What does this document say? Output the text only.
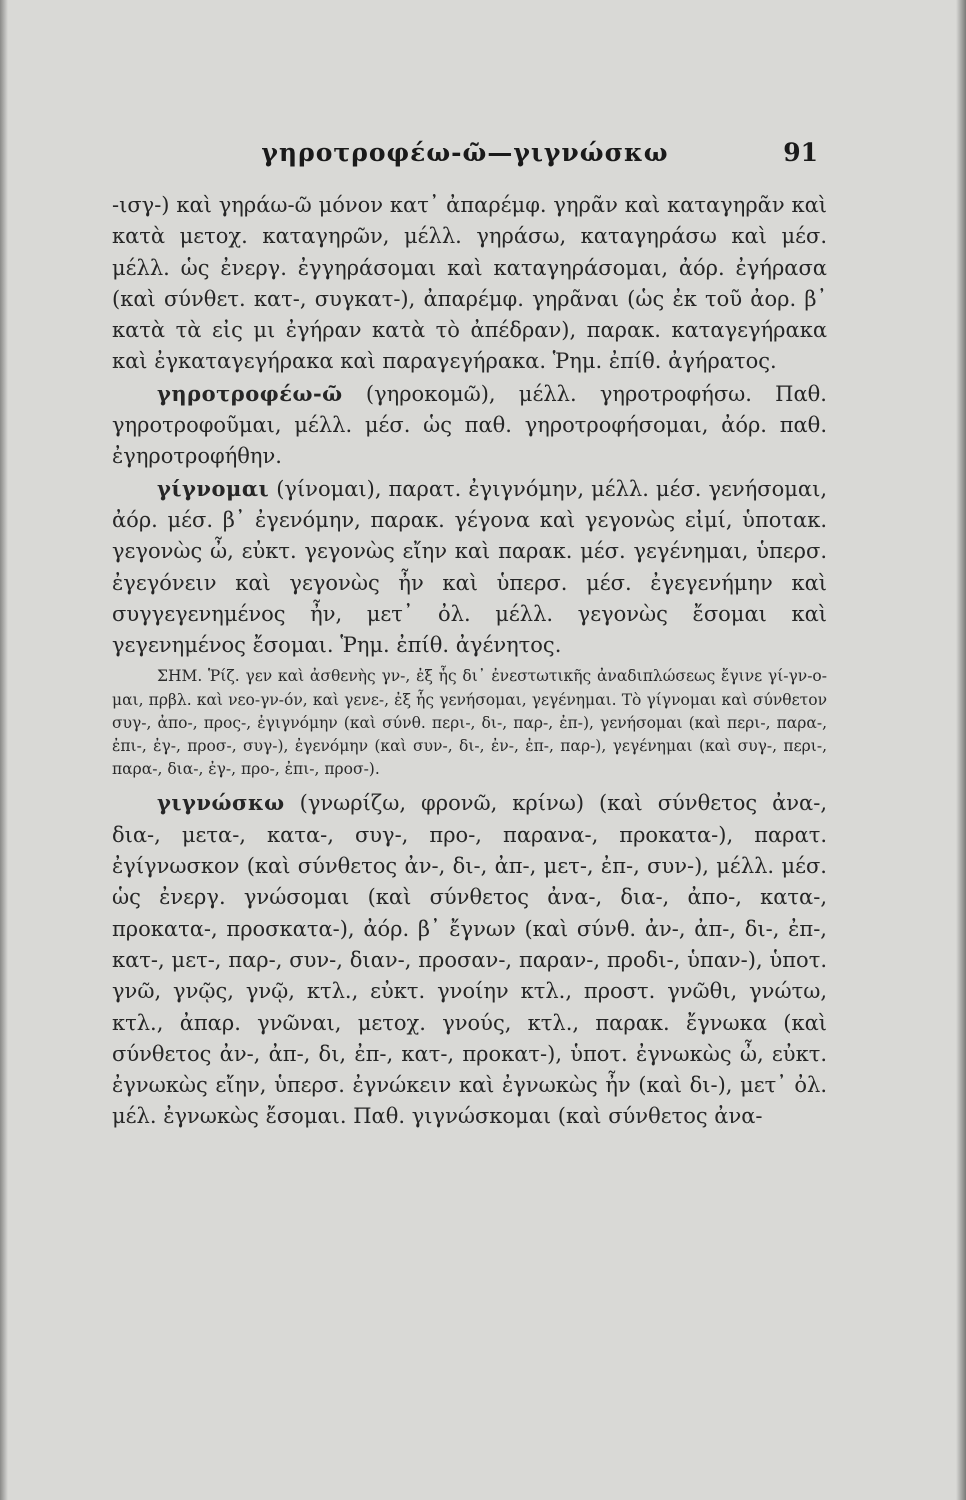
γηροτροφέω-ῶ—γιγνώσκω	91

-ισγ-) καὶ γηράω-ῶ μόνον κατ᾽ ἀπαρέμφ. γηρᾶν καὶ καταγηρᾶν καὶ κατὰ μετοχ. καταγηρῶν, μέλλ. γηράσω, καταγηράσω καὶ μέσ. μέλλ. ὡς ἐνεργ. ἐγγηράσομαι καὶ καταγηράσομαι, ἀόρ. ἐγήρασα (καὶ σύνθετ. κατ-, συγκατ-), ἀπαρέμφ. γηρᾶναι (ὡς ἐκ τοῦ ἀορ. β᾽ κατὰ τὰ εἰς μι ἐγήραν κατὰ τὸ ἀπέδραν), παρακ. καταγεγήρακα καὶ ἐγκαταγεγήρακα καὶ παραγεγήρακα. Ῥημ. ἐπίθ. ἀγήρατος.

γηροτροφέω-ῶ (γηροκομῶ), μέλλ. γηροτροφήσω. Παθ. γηροτροφοῦμαι, μέλλ. μέσ. ὡς παθ. γηροτροφήσομαι, ἀόρ. παθ. ἐγηροτροφήθην.

γίγνομαι (γίνομαι), παρατ. ἐγιγνόμην, μέλλ. μέσ. γενήσομαι, ἀόρ. μέσ. β᾽ ἐγενόμην, παρακ. γέγονα καὶ γεγονὼς εἰμί, ὑποτακ. γεγονὼς ὦ, εὐκτ. γεγονὼς εἴην καὶ παρακ. μέσ. γεγένημαι, ὑπερσ. ἐγεγόνειν καὶ γεγονὼς ἦν καὶ ὑπερσ. μέσ. ἐγεγενήμην καὶ συγγεγενημένος ἦν, μετ᾽ ὀλ. μέλλ. γεγονὼς ἔσομαι καὶ γεγενημένος ἔσομαι. Ῥημ. ἐπίθ. ἀγένητος.

ΣΗΜ. Ῥίζ. γεν καὶ ἀσθενὴς γν-, ἐξ ἧς δι᾽ ἐνεστωτικῆς ἀναδιπλώσεως ἔγινε γί-γν-ο-μαι, πρβλ. καὶ νεο-γν-όν, καὶ γενε-, ἐξ ἧς γενήσομαι, γεγένημαι. Τὸ γίγνομαι καὶ σύνθετον συγ-, ἀπο-, προς-, ἐγιγνόμην (καὶ σύνθ. περι-, δι-, παρ-, ἐπ-), γενήσομαι (καὶ περι-, παρα-, ἐπι-, ἐγ-, προσ-, συγ-), ἐγενόμην (καὶ συν-, δι-, ἐν-, ἐπ-, παρ-), γεγένημαι (καὶ συγ-, περι-, παρα-, δια-, ἐγ-, προ-, ἐπι-, προσ-).

γιγνώσκω (γνωρίζω, φρονῶ, κρίνω) (καὶ σύνθετος ἀνα-, δια-, μετα-, κατα-, συγ-, προ-, παρανα-, προκατα-), παρατ. ἐγίγνωσκον (καὶ σύνθετος ἀν-, δι-, ἀπ-, μετ-, ἐπ-, συν-), μέλλ. μέσ. ὡς ἐνεργ. γνώσομαι (καὶ σύνθετος ἀνα-, δια-, ἀπο-, κατα-, προκατα-, προσκατα-), ἀόρ. β᾽ ἔγνων (καὶ σύνθ. ἀν-, ἀπ-, δι-, ἐπ-, κατ-, μετ-, παρ-, συν-, διαν-, προσαν-, παραν-, προδι-, ὑπαν-), ὑποτ. γνῶ, γνῷς, γνῷ, κτλ., εὐκτ. γνοίην κτλ., προστ. γνῶθι, γνώτω, κτλ., ἀπαρ. γνῶναι, μετοχ. γνούς, κτλ., παρακ. ἔγνωκα (καὶ σύνθετος ἀν-, ἀπ-, δι, ἐπ-, κατ-, προκατ-), ὑποτ. ἐγνωκὼς ὦ, εὐκτ. ἐγνωκὼς εἴην, ὑπερσ. ἐγνώκειν καὶ ἐγνωκὼς ἦν (καὶ δι-), μετ᾽ ὀλ. μέλ. ἐγνωκὼς ἔσομαι. Παθ. γιγνώσκομαι (καὶ σύνθετος ἀνα-
